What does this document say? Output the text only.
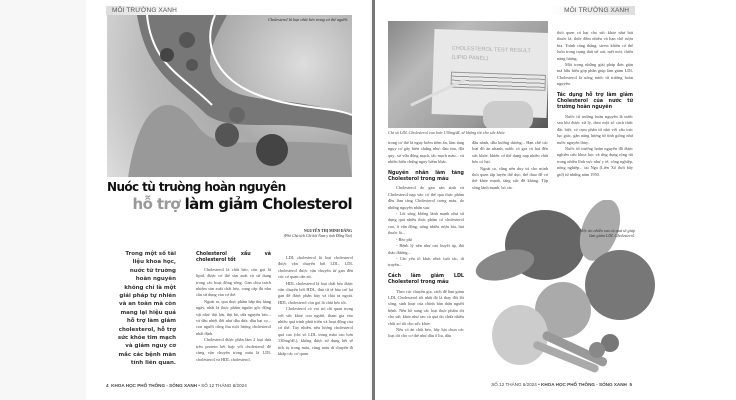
MÔI TRƯỜNG XANH
Cholesterol là loại chất béo trong cơ thể người.
Nuóc tù truòng hoàn nguyên
hỗ trợ làm giảm Cholesterol
NGUYỄN THỊ MINH ĐĂNG
(Phó Chủ tịch Chi hội Nam y tỉnh Đồng Nai)
Trong một số tài liệu khoa học, nuớc từ truờng hoàn nguyên không chỉ là một giải pháp tự nhiên và an toàn mà còn mang lại hiệu quả hỗ trợ làm giảm cholesterol, hỗ trợ sức khỏe tim mạch và giảm nguy cơ mắc các bệnh mãn tính liên quan.
Cholesterol xấu và cholesterol tốt

Cholesterol là chất béo, còn gọi là lipid, được cơ thể sản xuất và sử dụng trong các hoạt động sống. Gan chịu trách nhiệm sản xuất chất béo, cung cấp đủ nhu cầu sử dụng của cơ thể.

Ngoài ra, qua thực phẩm hấp thụ hàng ngày, nhất là thực phẩm nguồn gốc động vật như: thịt lợn, thịt bò, sữa nguyên béo... và dầu nhiệt đới như dầu dừa, dầu hạt cọ... con người cũng thu một lượng cholesterol nhất định.

Cholesterol được phân làm 2 loại dựa trên protein kết hợp với cholesterol để cùng vận chuyển trong máu là LDL cholesterol và HDL cholesterol.

LDL cholesterol là loại cholesterol được vận chuyển bởi LDL. LDL cholesterol được vận chuyển từ gan đến các cơ quan cần nó.

HDL cholesterol là loại chất béo được vận chuyển bởi HDL, đưa từ tế bào trở lại gan để được phân hủy và thải ra ngoài. HDL cholesterol còn gọi là chất béo tốt.

Cholesterol có vai trò rất quan trọng với sức khỏe con người, tham gia vào nhiều quá trình phát triển và hoạt động của cơ thể. Tuy nhiên, nếu lượng cholesterol quá cao (chỉ số LDL trong máu cao hơn 130mg/dL), không được sử dụng hết sẽ tích tụ trong máu, cùng máu di chuyển đi khắp các cơ quan

4 KHOA HỌC PHỔ THÔNG - SỐNG XANH • SỐ 12 THÁNG 6/2024
MÔI TRƯỜNG XANH
CHOLESTEROL TEST RESULT
(LIPID PANEL)
Chỉ số LDL Cholesterol cao hơn 130mg/dL sẽ không tốt cho sức khỏe.

trong cơ thể là nguy hiểm tiềm ẩn, làm tăng nguy cơ gây biến chứng như: đau tim, đột quỵ, xơ vữa động mạch, tắc mạch máu... và nhiều biến chứng nguy hiểm khác.

Nguyên nhân làm tăng Cholesterol trong máu

Cholesterol do gan sản sinh và Cholesterol nạp vào cơ thể qua thực phẩm đều làm tăng Cholesterol trong máu, do những nguyên nhân sau:

- Lối sống không lành mạnh như sử dụng quá nhiều thực phẩm có cholesterol cao, ít vận động, uống nhiều rượu bia, hút thuốc lá...

- Béo phì

- Bệnh lý nền như cao huyết áp, đái tháo đường...

- Các yếu tố khác như: tuổi tác, di truyền...

Cách làm giảm LDL Cholesterol trong máu

Theo các chuyên gia, cách để làm giảm LDL Cholesterol tốt nhất đó là thay đổi lối sống, sinh hoạt của chính bản thân người bệnh. Nên bổ sung các loại thực phẩm tốt cho sức khỏe như rau củ quả do chứa nhiều chất xơ tốt cho sức khỏe.

Nếu có ăn chất béo, hãy lựa chọn các loại tốt cho cơ thể như dầu ô liu, dầu

đậu nành, dầu hướng dương... Hạn chế các loại đồ ăn nhanh, nước có gas có hại đến sức khỏe, khiến cơ thể dung nạp nhiều chất béo có hại.

Ngoài ra, cũng nên duy trì cho mình thói quen tập luyện thể dục, thể thao để cơ thể khỏe mạnh, tăng sức đề kháng. Tập sống lành mạnh, bỏ các

thói quen có hại cho sức khỏe như hút thuốc lá, thức đêm nhiều và hạn chế rượu bia. Tránh căng thẳng, stress khiến cơ thể luôn trong trạng thái uể oải, mệt mỏi, thiếu năng lượng.

Một trong những giải pháp đơn giản mà hữu hiệu góp phần giúp làm giảm LDL Cholesterol là uống nước từ trường hoàn nguyên.

Tác dụng hỗ trợ làm giảm Cholesterol của nước từ trường hoàn nguyên

Nước từ trường hoàn nguyên là nước sau khi được xử lý, theo một số cách thức đặc biệt, có cụm phân tử nhỏ với cấu trúc lục giác, gần năng lượng từ tính giống như nước nguyên thủy.

Nước từ trường hoàn nguyên đã được nghiên cứu khoa học và ứng dụng rộng rãi trong nhiều lĩnh vực như y tế, công nghiệp, nông nghiệp... tại Nga (Liên Xô thời bấy giờ) từ những năm 1950.

Việc ăn nhiều rau củ quả sẽ giúp làm giảm LDL Cholesterol.
SỐ 12 THÁNG 6/2024 • KHOA HỌC PHỔ THÔNG - SỐNG XANH 5
